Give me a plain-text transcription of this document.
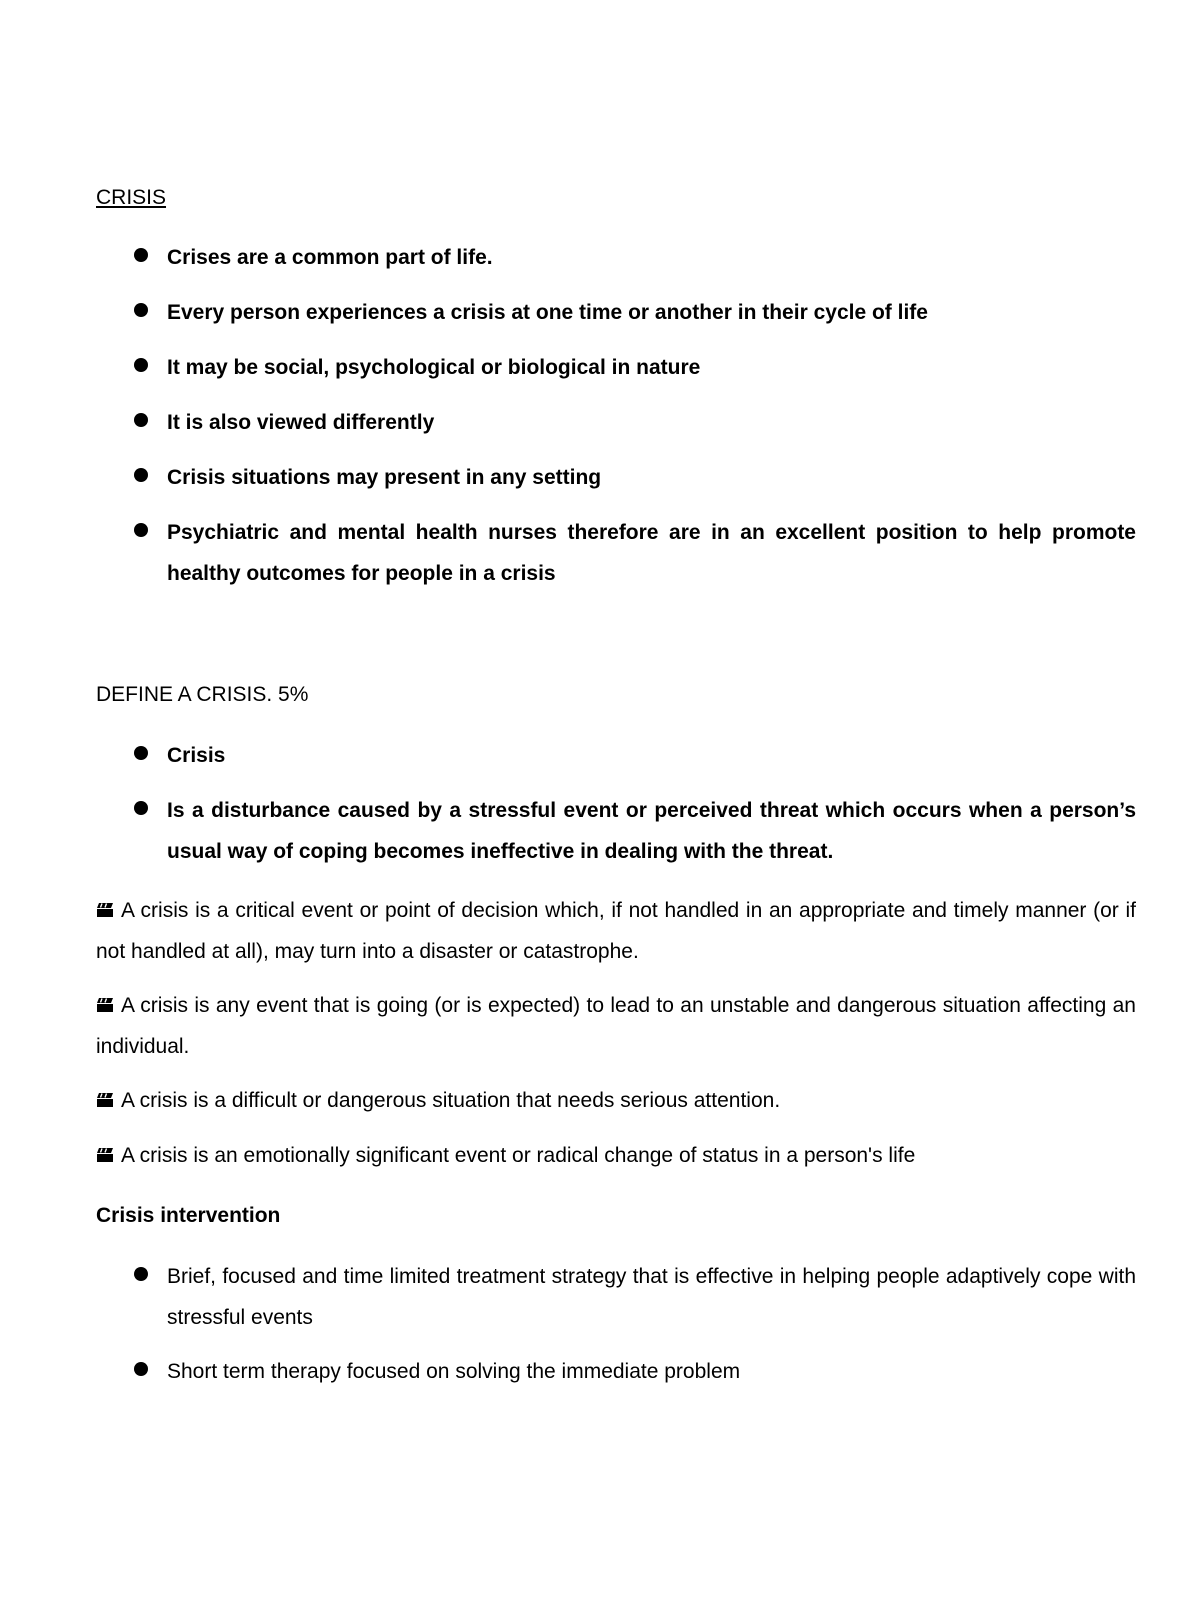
CRISIS
Crises are a common part of life.
Every person experiences a crisis at one time or another in their cycle of life
It may be social, psychological or biological in nature
It is also viewed differently
Crisis situations may present in any setting
Psychiatric and mental health nurses therefore are in an excellent position to help promote healthy outcomes for people in a crisis
DEFINE A CRISIS. 5%
Crisis
Is a disturbance caused by a stressful event or perceived threat which occurs when a person’s usual way of coping becomes ineffective in dealing with the threat.
A crisis is a critical event or point of decision which, if not handled in an appropriate and timely manner (or if not handled at all), may turn into a disaster or catastrophe.
A crisis is any event that is going (or is expected) to lead to an unstable and dangerous situation affecting an individual.
A crisis is a difficult or dangerous situation that needs serious attention.
A crisis is an emotionally significant event or radical change of status in a person's life
Crisis intervention
Brief, focused and time limited treatment strategy that is effective in helping people adaptively cope with stressful events
Short term therapy focused on solving the immediate problem
